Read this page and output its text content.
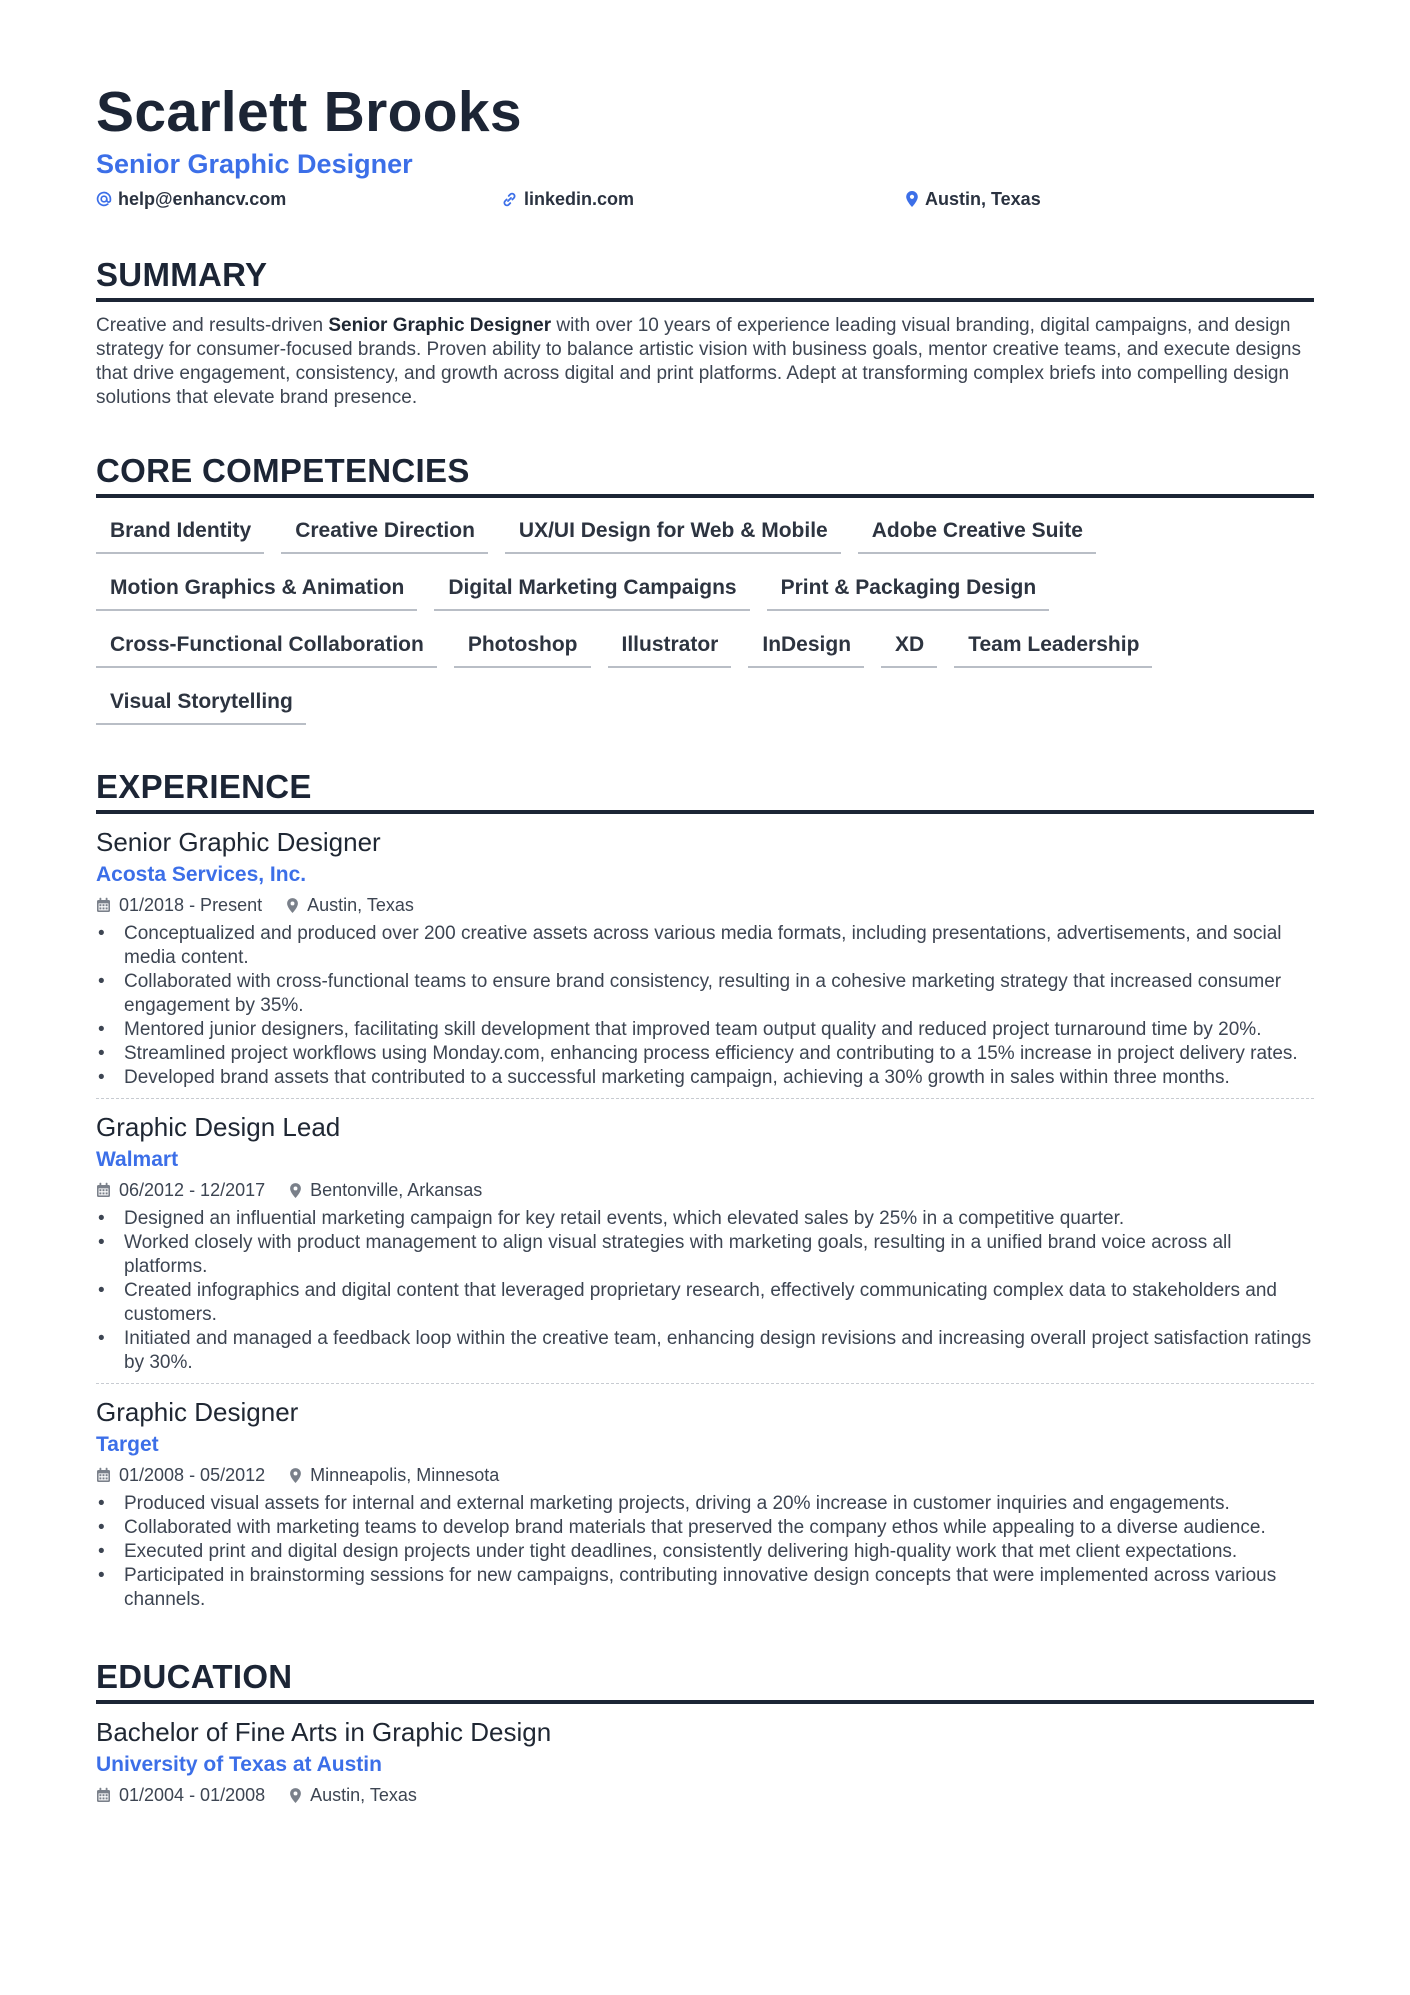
Scarlett Brooks
Senior Graphic Designer
help@enhancv.com	linkedin.com	Austin, Texas
SUMMARY
Creative and results-driven Senior Graphic Designer with over 10 years of experience leading visual branding, digital campaigns, and design strategy for consumer-focused brands. Proven ability to balance artistic vision with business goals, mentor creative teams, and execute designs that drive engagement, consistency, and growth across digital and print platforms. Adept at transforming complex briefs into compelling design solutions that elevate brand presence.
CORE COMPETENCIES
Brand Identity	Creative Direction	UX/UI Design for Web & Mobile	Adobe Creative Suite
Motion Graphics & Animation	Digital Marketing Campaigns	Print & Packaging Design
Cross-Functional Collaboration	Photoshop	Illustrator	InDesign	XD	Team Leadership
Visual Storytelling
EXPERIENCE
Senior Graphic Designer
Acosta Services, Inc.
01/2018 - Present	Austin, Texas
• Conceptualized and produced over 200 creative assets across various media formats, including presentations, advertisements, and social media content.
• Collaborated with cross-functional teams to ensure brand consistency, resulting in a cohesive marketing strategy that increased consumer engagement by 35%.
• Mentored junior designers, facilitating skill development that improved team output quality and reduced project turnaround time by 20%.
• Streamlined project workflows using Monday.com, enhancing process efficiency and contributing to a 15% increase in project delivery rates.
• Developed brand assets that contributed to a successful marketing campaign, achieving a 30% growth in sales within three months.
Graphic Design Lead
Walmart
06/2012 - 12/2017	Bentonville, Arkansas
• Designed an influential marketing campaign for key retail events, which elevated sales by 25% in a competitive quarter.
• Worked closely with product management to align visual strategies with marketing goals, resulting in a unified brand voice across all platforms.
• Created infographics and digital content that leveraged proprietary research, effectively communicating complex data to stakeholders and customers.
• Initiated and managed a feedback loop within the creative team, enhancing design revisions and increasing overall project satisfaction ratings by 30%.
Graphic Designer
Target
01/2008 - 05/2012	Minneapolis, Minnesota
• Produced visual assets for internal and external marketing projects, driving a 20% increase in customer inquiries and engagements.
• Collaborated with marketing teams to develop brand materials that preserved the company ethos while appealing to a diverse audience.
• Executed print and digital design projects under tight deadlines, consistently delivering high-quality work that met client expectations.
• Participated in brainstorming sessions for new campaigns, contributing innovative design concepts that were implemented across various channels.
EDUCATION
Bachelor of Fine Arts in Graphic Design
University of Texas at Austin
01/2004 - 01/2008	Austin, Texas
